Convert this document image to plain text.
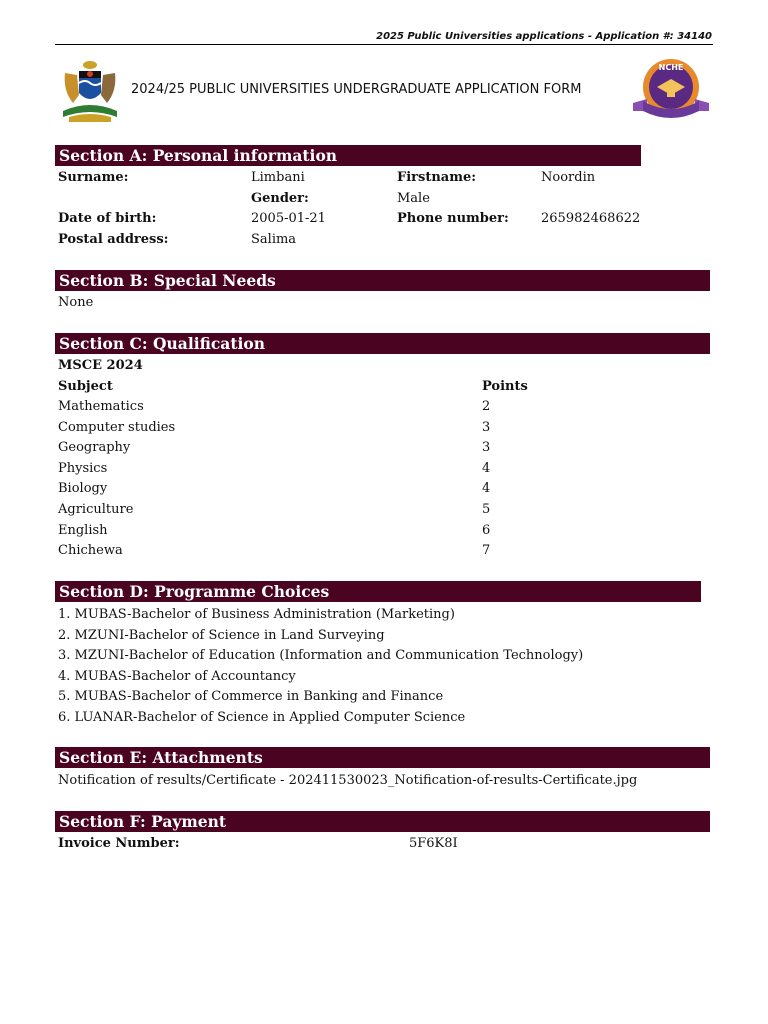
2025 Public Universities applications - Application #: 34140
2024/25 PUBLIC UNIVERSITIES UNDERGRADUATE APPLICATION FORM
NCHE
Section A: Personal information
Surname:	Limbani	Firstname:	Noordin
Gender:	Male
Date of birth:	2005-01-21	Phone number: 265982468622
Postal address:	Salima
Section B: Special Needs
None
Section C: Qualification
MSCE 2024
Subject	Points
Mathematics	2
Computer studies	3
Geography	3
Physics	4
Biology	4
Agriculture	5
English	6
Chichewa	7
Section D: Programme Choices
1. MUBAS-Bachelor of Business Administration (Marketing)
2. MZUNI-Bachelor of Science in Land Surveying
3. MZUNI-Bachelor of Education (Information and Communication Technology)
4. MUBAS-Bachelor of Accountancy
5. MUBAS-Bachelor of Commerce in Banking and Finance
6. LUANAR-Bachelor of Science in Applied Computer Science
Section E: Attachments
Notification of results/Certificate - 202411530023_Notification-of-results-Certificate.jpg
Section F: Payment
Invoice Number:	5F6K8I
